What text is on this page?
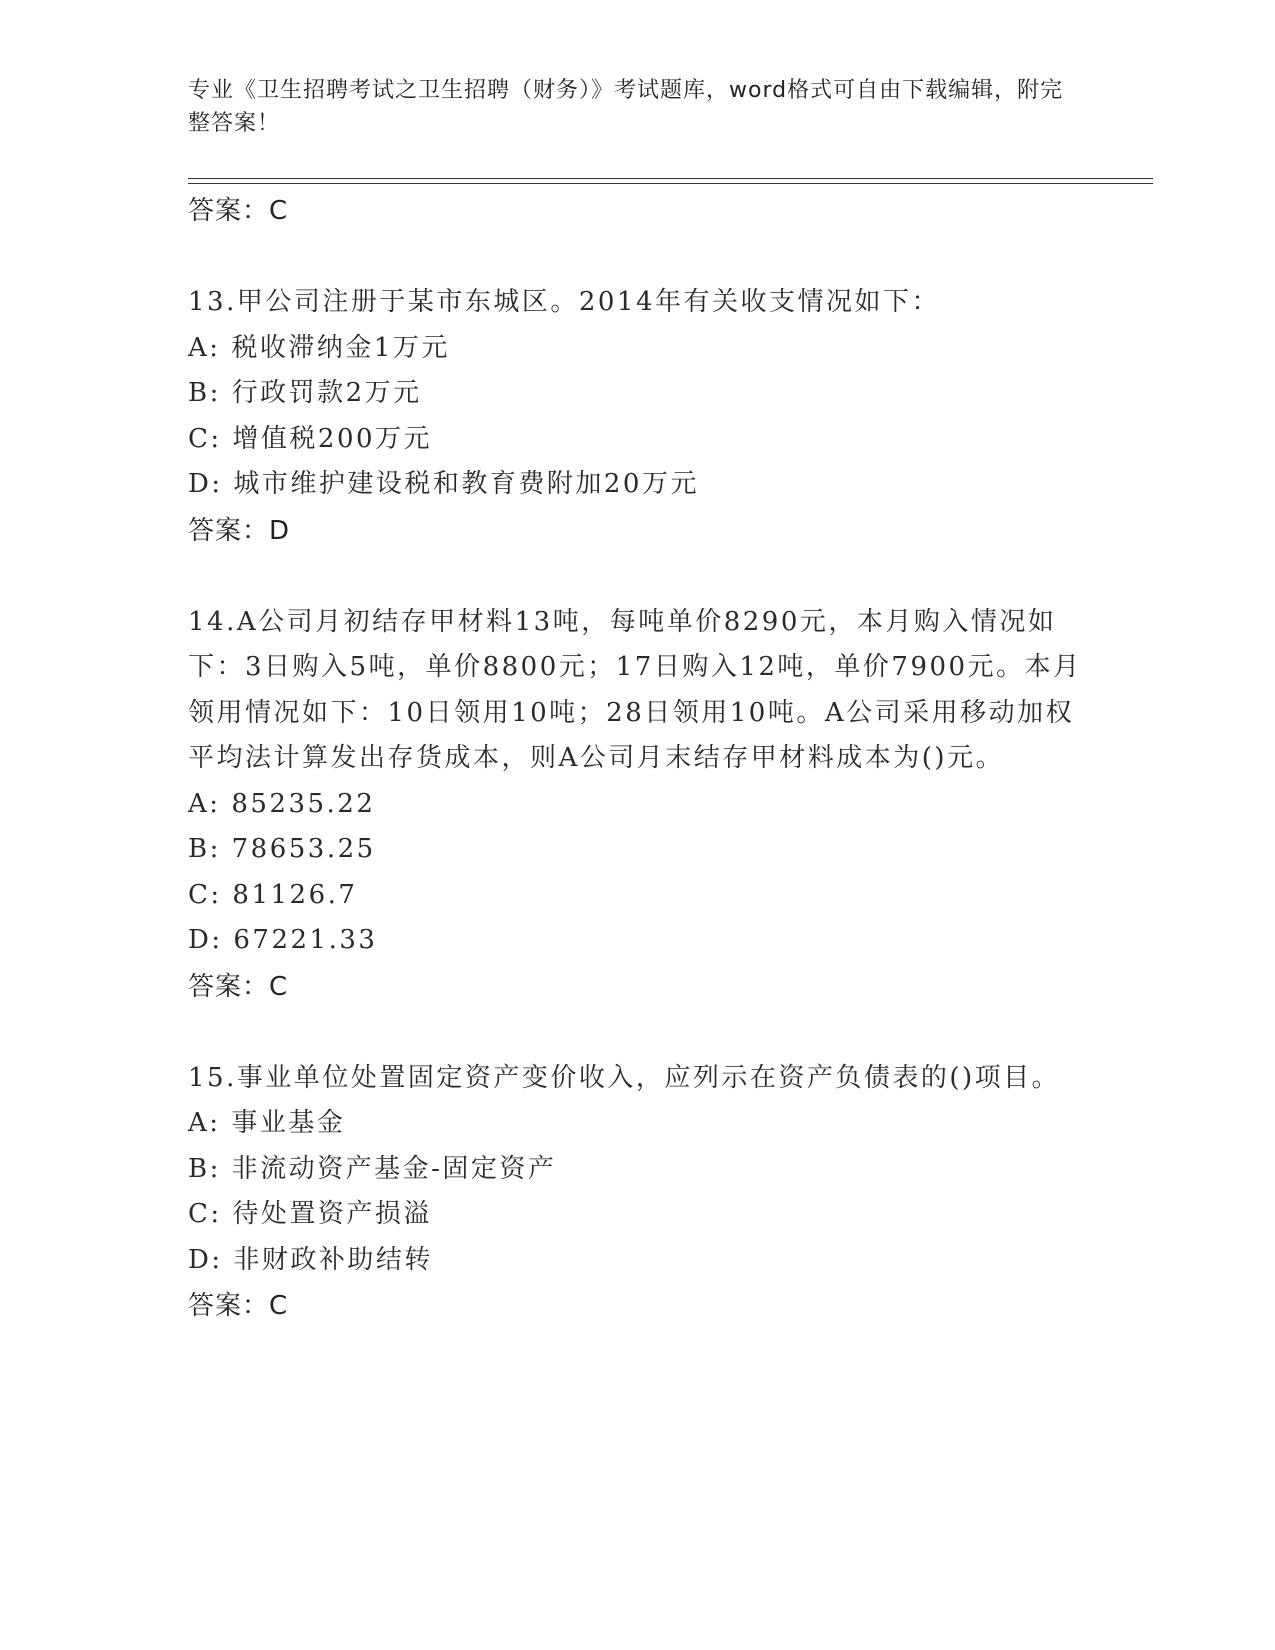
专业《卫生招聘考试之卫生招聘（财务）》考试题库，word格式可自由下载编辑，附完整答案！
答案：C
13.甲公司注册于某市东城区。2014年有关收支情况如下：
A: 税收滞纳金1万元
B: 行政罚款2万元
C: 增值税200万元
D: 城市维护建设税和教育费附加20万元
答案：D
14.A公司月初结存甲材料13吨，每吨单价8290元，本月购入情况如下：3日购入5吨，单价8800元；17日购入12吨，单价7900元。本月领用情况如下：10日领用10吨；28日领用10吨。A公司采用移动加权平均法计算发出存货成本，则A公司月末结存甲材料成本为()元。
A: 85235.22
B: 78653.25
C: 81126.7
D: 67221.33
答案：C
15.事业单位处置固定资产变价收入，应列示在资产负债表的()项目。
A: 事业基金
B: 非流动资产基金-固定资产
C: 待处置资产损溢
D: 非财政补助结转
答案：C
